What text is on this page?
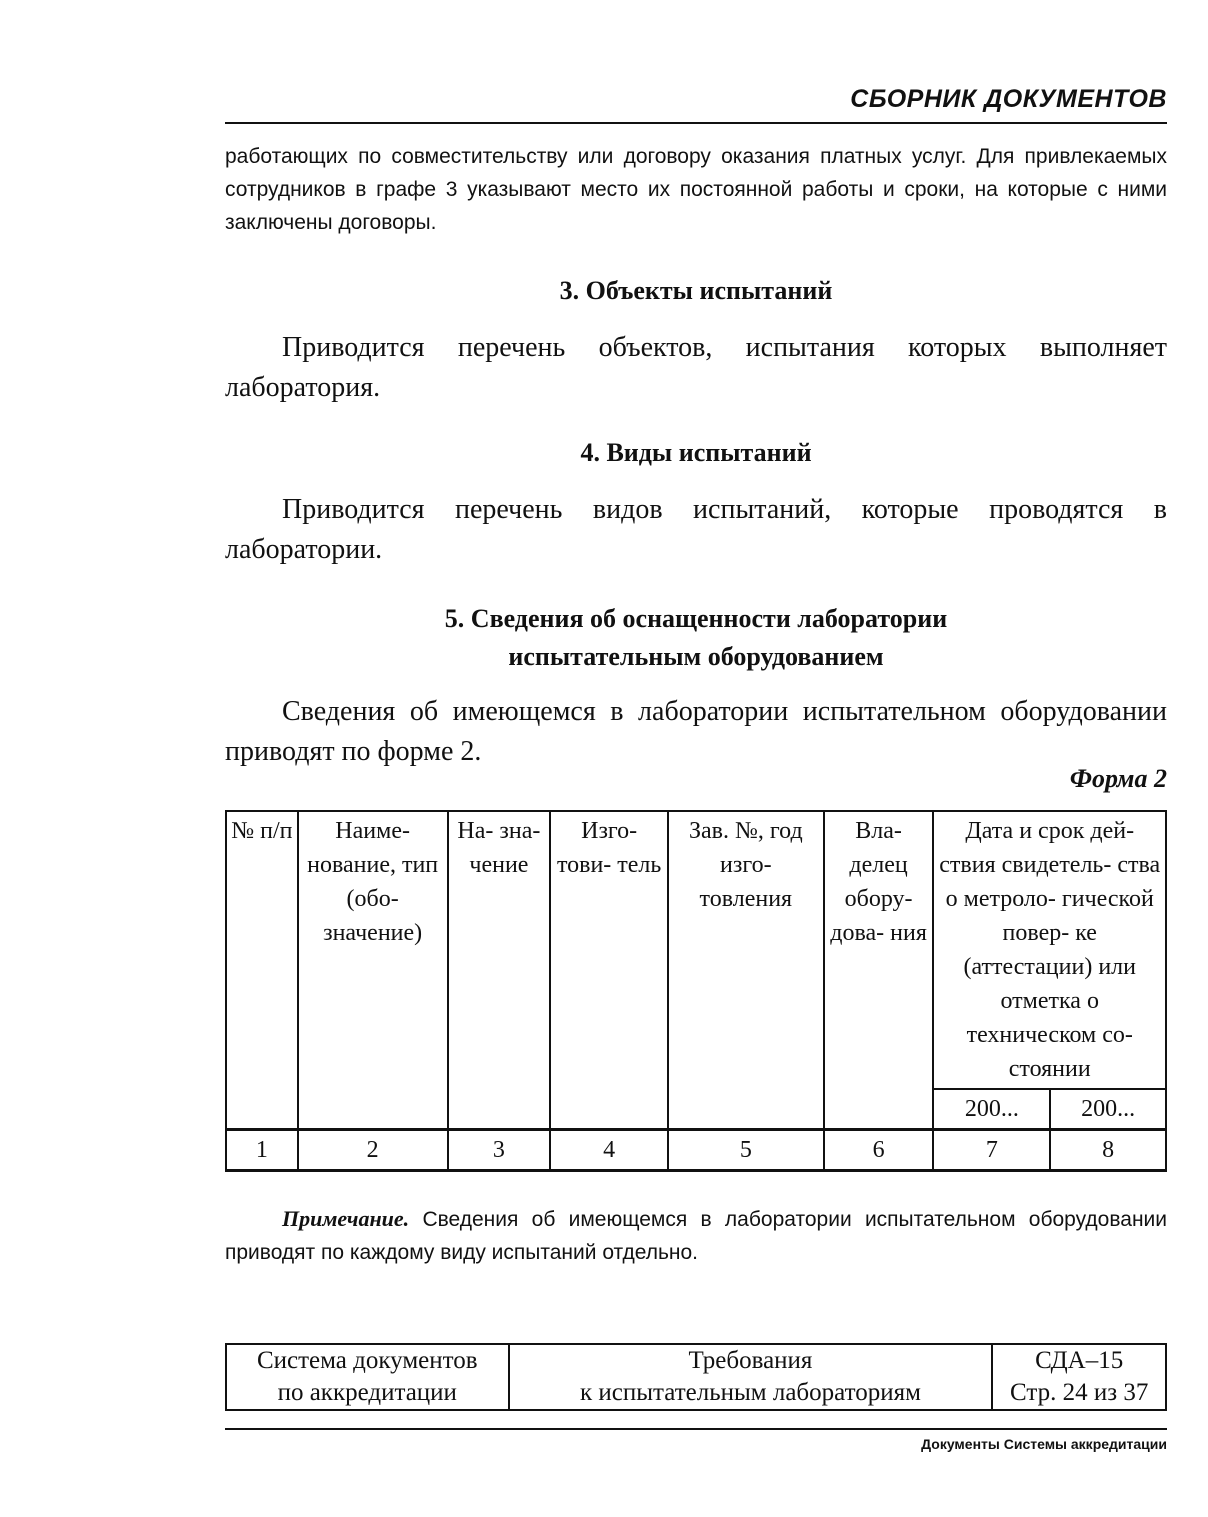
СБОРНИК ДОКУМЕНТОВ
работающих по совместительству или договору оказания платных услуг. Для привлекаемых сотрудников в графе 3 указывают место их постоянной работы и сроки, на которые с ними заключены договоры.
3. Объекты испытаний
Приводится перечень объектов, испытания которых выполняет лаборатория.
4. Виды испытаний
Приводится перечень видов испытаний, которые проводятся в лаборатории.
5. Сведения об оснащенности лаборатории
испытательным оборудованием
Сведения об имеющемся в лаборатории испытательном оборудовании приводят по форме 2.
Форма 2
№ п/п	Наиме- нование, тип (обо- значение)	На- зна- чение	Изго- тови- тель	Зав. №, год изго- товления	Вла- делец обору- дова- ния	Дата и срок дей- ствия свидетель- ства о метроло- гической повер- ке (аттестации) или отметка о техническом со- стоянии	
						200...	200...
1	2	3	4	5	6	7	8
Примечание. Сведения об имеющемся в лаборатории испытательном оборудовании приводят по каждому виду испытаний отдельно.
Система документов
по аккредитации

Требования
к испытательным лабораториям

СДА–15
Стр. 24 из 37
Документы Системы аккредитации
